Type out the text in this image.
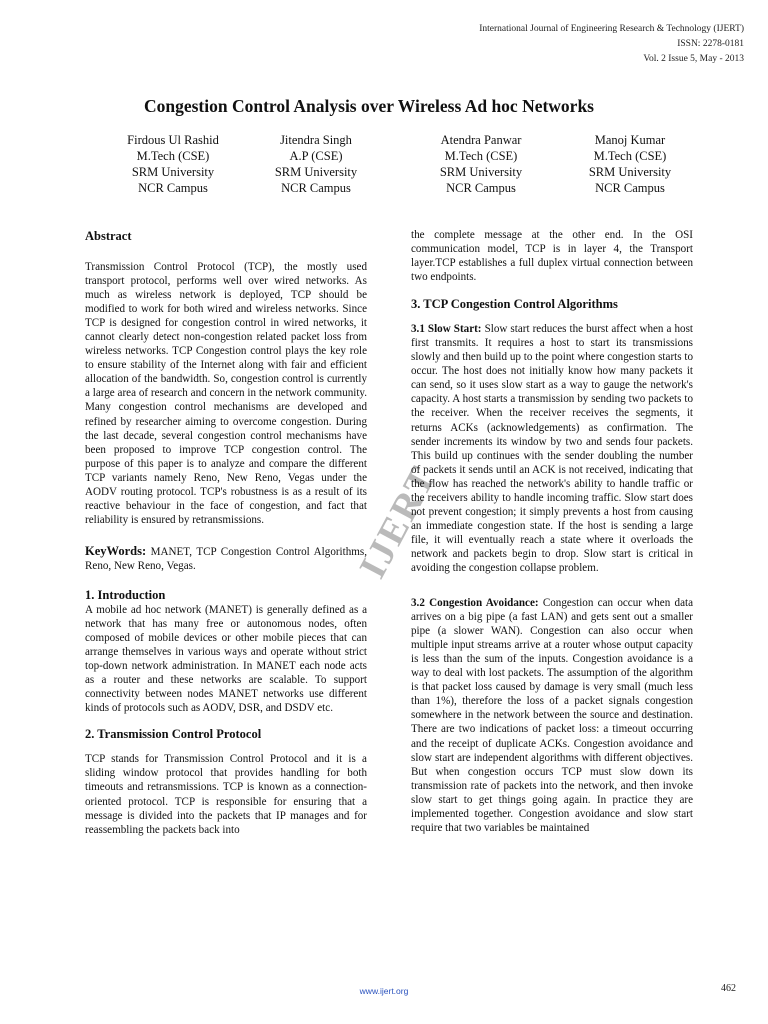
International Journal of Engineering Research & Technology (IJERT)
ISSN: 2278-0181
Vol. 2 Issue 5, May - 2013
Congestion Control Analysis over Wireless Ad hoc Networks
Firdous Ul Rashid
M.Tech (CSE)
SRM University
NCR Campus
Jitendra Singh
A.P (CSE)
SRM University
NCR Campus
Atendra Panwar
M.Tech (CSE)
SRM University
NCR Campus
Manoj Kumar
M.Tech (CSE)
SRM University
NCR Campus
Abstract

Transmission Control Protocol (TCP), the mostly used transport protocol, performs well over wired networks. As much as wireless network is deployed, TCP should be modified to work for both wired and wireless networks. Since TCP is designed for congestion control in wired networks, it cannot clearly detect non-congestion related packet loss from wireless networks. TCP Congestion control plays the key role to ensure stability of the Internet along with fair and efficient allocation of the bandwidth. So, congestion control is currently a large area of research and concern in the network community. Many congestion control mechanisms are developed and refined by researcher aiming to overcome congestion. During the last decade, several congestion control mechanisms have been proposed to improve TCP congestion control. The purpose of this paper is to analyze and compare the different TCP variants namely Reno, New Reno, Vegas under the AODV routing protocol. TCP's robustness is as a result of its reactive behaviour in the face of congestion, and fact that reliability is ensured by retransmissions.

KeyWords: MANET, TCP Congestion Control Algorithms, Reno, New Reno, Vegas.

1. Introduction

A mobile ad hoc network (MANET) is generally defined as a network that has many free or autonomous nodes, often composed of mobile devices or other mobile pieces that can arrange themselves in various ways and operate without strict top-down network administration. In MANET each node acts as a router and these networks are scalable. To support connectivity between nodes MANET networks use different kinds of protocols such as AODV, DSR, and DSDV etc.

2. Transmission Control Protocol

TCP stands for Transmission Control Protocol and it is a sliding window protocol that provides handling for both timeouts and retransmissions. TCP is known as a connection-oriented protocol. TCP is responsible for ensuring that a message is divided into the packets that IP manages and for reassembling the packets back into

the complete message at the other end. In the OSI communication model, TCP is in layer 4, the Transport layer.TCP establishes a full duplex virtual connection between two endpoints.

3. TCP Congestion Control Algorithms

3.1 Slow Start: Slow start reduces the burst affect when a host first transmits. It requires a host to start its transmissions slowly and then build up to the point where congestion starts to occur. The host does not initially know how many packets it can send, so it uses slow start as a way to gauge the network's capacity. A host starts a transmission by sending two packets to the receiver. When the receiver receives the segments, it returns ACKs (acknowledgements) as confirmation. The sender increments its window by two and sends four packets. This build up continues with the sender doubling the number of packets it sends until an ACK is not received, indicating that the flow has reached the network's ability to handle traffic or the receivers ability to handle incoming traffic. Slow start does not prevent congestion; it simply prevents a host from causing an immediate congestion state. If the host is sending a large file, it will eventually reach a state where it overloads the network and packets begin to drop. Slow start is critical in avoiding the congestion collapse problem.

3.2 Congestion Avoidance: Congestion can occur when data arrives on a big pipe (a fast LAN) and gets sent out a smaller pipe (a slower WAN). Congestion can also occur when multiple input streams arrive at a router whose output capacity is less than the sum of the inputs. Congestion avoidance is a way to deal with lost packets. The assumption of the algorithm is that packet loss caused by damage is very small (much less than 1%), therefore the loss of a packet signals congestion somewhere in the network between the source and destination. There are two indications of packet loss: a timeout occurring and the receipt of duplicate ACKs. Congestion avoidance and slow start are independent algorithms with different objectives. But when congestion occurs TCP must slow down its transmission rate of packets into the network, and then invoke slow start to get things going again. In practice they are implemented together. Congestion avoidance and slow start require that two variables be maintained

IJERT
www.ijert.org	462
